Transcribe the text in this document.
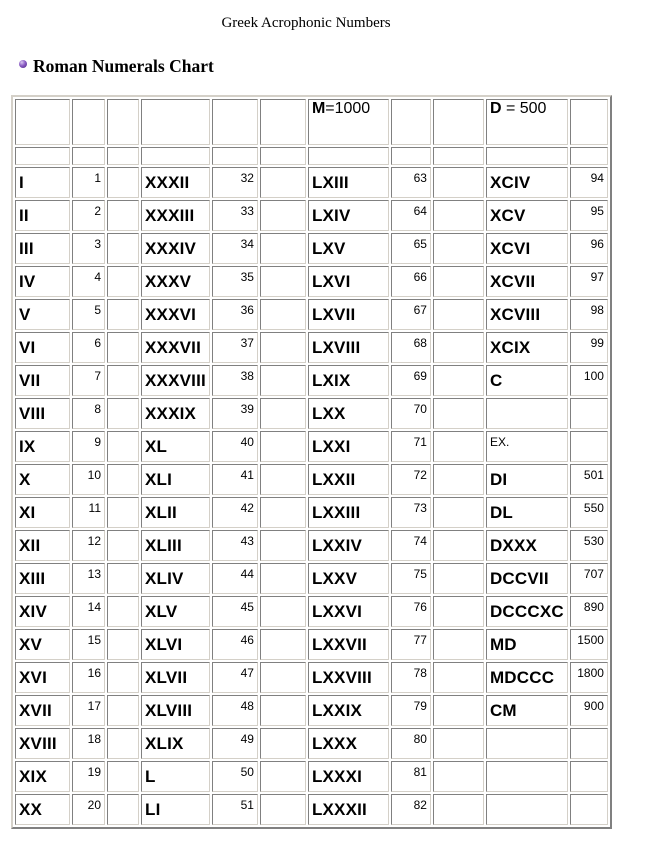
Greek Acrophonic Numbers
Roman Numerals Chart
						M=1000			D = 500	

I	1		XXXII	32		LXIII	63		XCIV	94
II	2		XXXIII	33		LXIV	64		XCV	95
III	3		XXXIV	34		LXV	65		XCVI	96
IV	4		XXXV	35		LXVI	66		XCVII	97
V	5		XXXVI	36		LXVII	67		XCVIII	98
VI	6		XXXVII	37		LXVIII	68		XCIX	99
VII	7		XXXVIII	38		LXIX	69		C	100
VIII	8		XXXIX	39		LXX	70			
IX	9		XL	40		LXXI	71		EX.	
X	10		XLI	41		LXXII	72		DI	501
XI	11		XLII	42		LXXIII	73		DL	550
XII	12		XLIII	43		LXXIV	74		DXXX	530
XIII	13		XLIV	44		LXXV	75		DCCVII	707
XIV	14		XLV	45		LXXVI	76		DCCCXC	890
XV	15		XLVI	46		LXXVII	77		MD	1500
XVI	16		XLVII	47		LXXVIII	78		MDCCC	1800
XVII	17		XLVIII	48		LXXIX	79		CM	900
XVIII	18		XLIX	49		LXXX	80			
XIX	19		L	50		LXXXI	81			
XX	20		LI	51		LXXXII	82			
